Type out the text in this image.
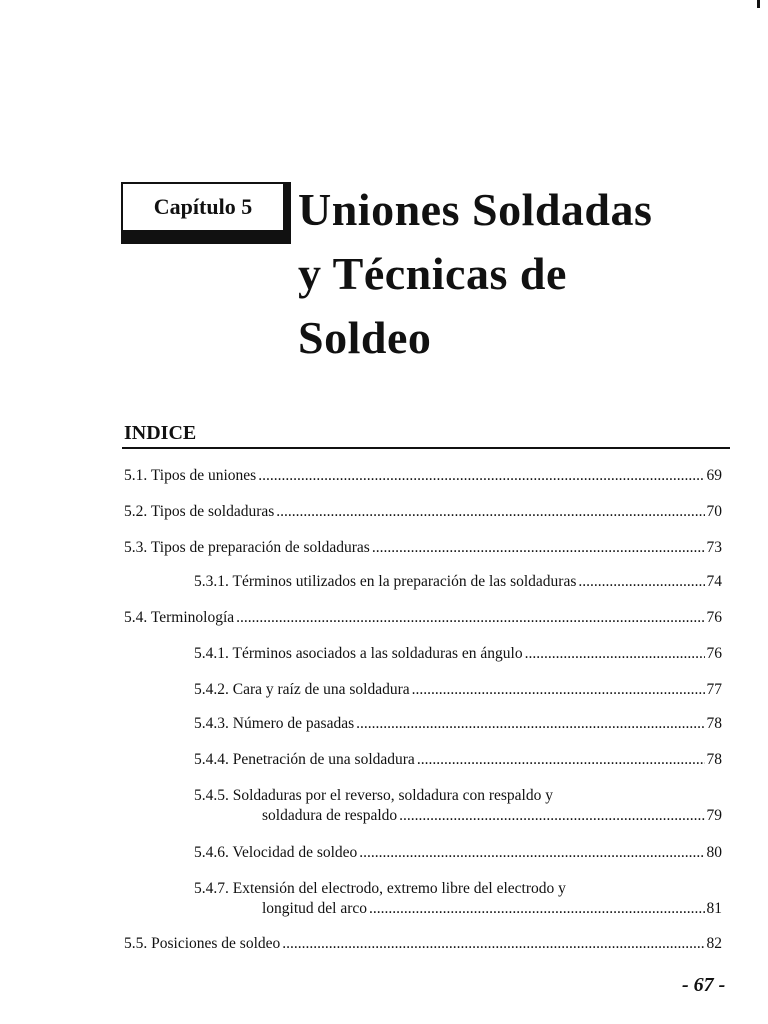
Capítulo 5 Uniones Soldadas
y Técnicas de
Soldeo
INDICE
5.1. Tipos de uniones .....	69
5.2. Tipos de soldaduras .....	70
5.3. Tipos de preparación de soldaduras .....	73
5.3.1. Términos utilizados en la preparación de las soldaduras .....	74
5.4. Terminología .....	76
5.4.1. Términos asociados a las soldaduras en ángulo .....	76
5.4.2. Cara y raíz de una soldadura .....	77
5.4.3. Número de pasadas .....	78
5.4.4. Penetración de una soldadura .....	78
5.4.5. Soldaduras por el reverso, soldadura con respaldo y
soldadura de respaldo .....	79
5.4.6. Velocidad de soldeo .....	80
5.4.7. Extensión del electrodo, extremo libre del electrodo y
longitud del arco .....	81
5.5. Posiciones de soldeo .....	82
- 67 -
